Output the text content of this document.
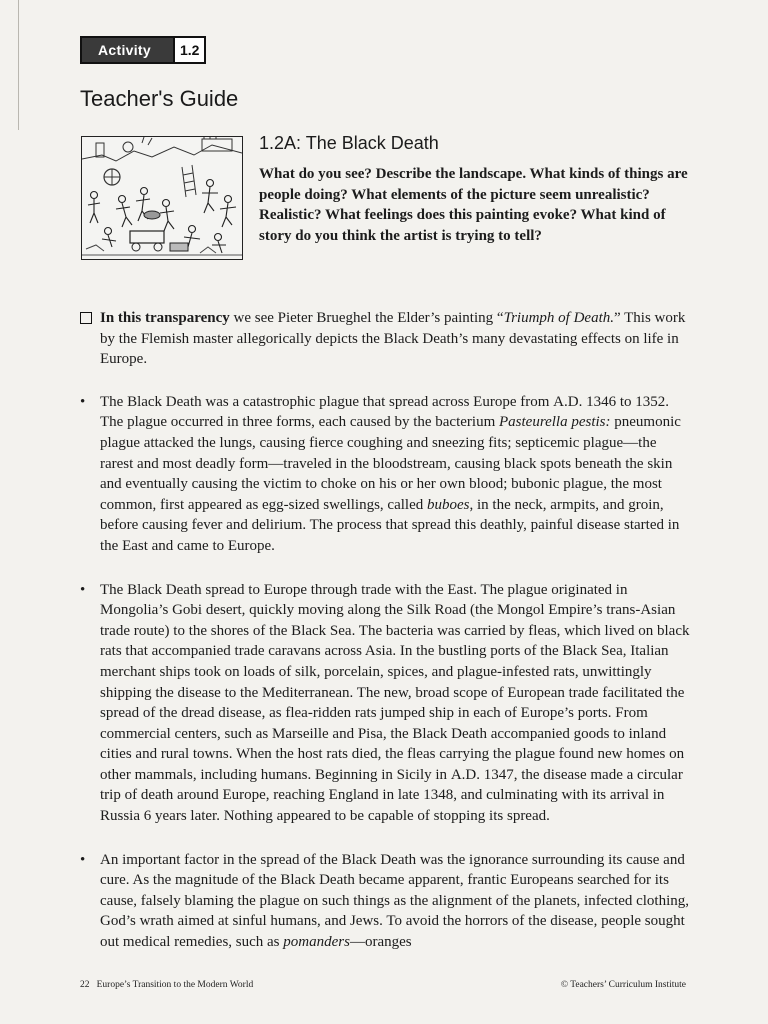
Activity	1.2
Teacher's Guide
1.2A: The Black Death

What do you see? Describe the landscape. What kinds of things are people doing? What elements of the picture seem unrealistic? Realistic? What feelings does this painting evoke? What kind of story do you think the artist is trying to tell?

In this transparency we see Pieter Brueghel the Elder’s painting “Triumph of Death.” This work by the Flemish master allegorically depicts the Black Death’s many devastating effects on life in Europe.

• The Black Death was a catastrophic plague that spread across Europe from A.D. 1346 to 1352. The plague occurred in three forms, each caused by the bacterium Pasteurella pestis: pneumonic plague attacked the lungs, causing fierce coughing and sneezing fits; septicemic plague—the rarest and most deadly form—traveled in the bloodstream, causing black spots beneath the skin and eventually causing the victim to choke on his or her own blood; bubonic plague, the most common, first appeared as egg-sized swellings, called buboes, in the neck, armpits, and groin, before causing fever and delirium. The process that spread this deathly, painful disease started in the East and came to Europe.

• The Black Death spread to Europe through trade with the East. The plague originated in Mongolia’s Gobi desert, quickly moving along the Silk Road (the Mongol Empire’s trans-Asian trade route) to the shores of the Black Sea. The bacteria was carried by fleas, which lived on black rats that accompanied trade caravans across Asia. In the bustling ports of the Black Sea, Italian merchant ships took on loads of silk, porcelain, spices, and plague-infested rats, unwittingly shipping the disease to the Mediterranean. The new, broad scope of European trade facilitated the spread of the dread disease, as flea-ridden rats jumped ship in each of Europe’s ports. From commercial centers, such as Marseille and Pisa, the Black Death accompanied goods to inland cities and rural towns. When the host rats died, the fleas carrying the plague found new homes on other mammals, including humans. Beginning in Sicily in A.D. 1347, the disease made a circular trip of death around Europe, reaching England in late 1348, and culminating with its arrival in Russia 6 years later. Nothing appeared to be capable of stopping its spread.

• An important factor in the spread of the Black Death was the ignorance surrounding its cause and cure. As the magnitude of the Black Death became apparent, frantic Europeans searched for its cause, falsely blaming the plague on such things as the alignment of the planets, infected clothing, God’s wrath aimed at sinful humans, and Jews. To avoid the horrors of the disease, people sought out medical remedies, such as pomanders—oranges

22 Europe’s Transition to the Modern World	© Teachers’ Curriculum Institute
